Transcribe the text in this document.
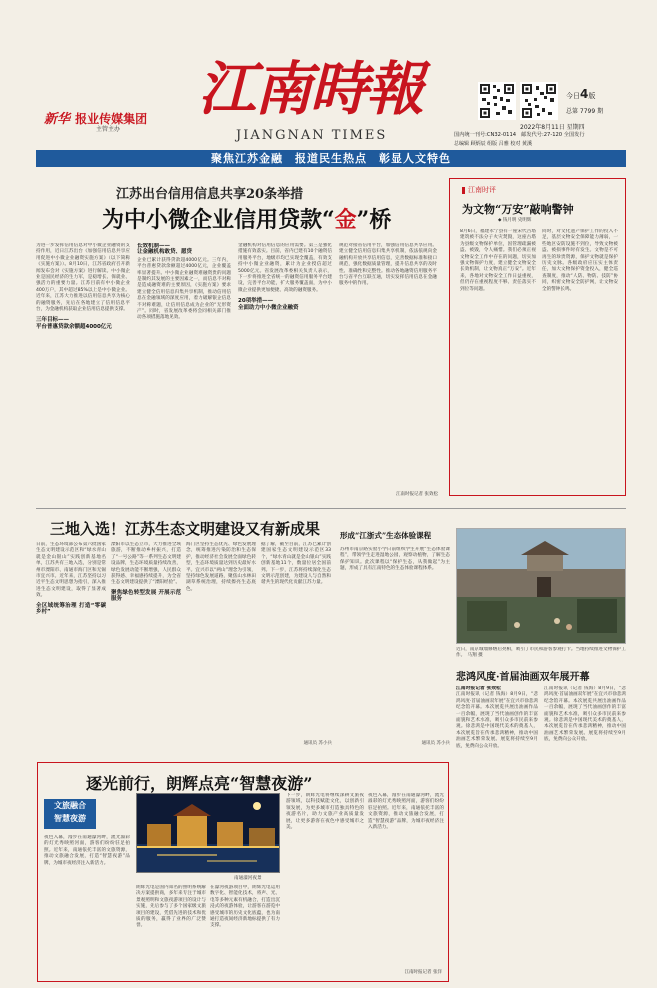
新华 报业传媒集团
主管主办
江南時報
JIANGNAN TIMES
今日4版
总第 7799 期
2022年8月11日 星期四
国内统一刊号:CN32-0114　邮发代号:27-120 全国发行
总编辑 顾炳辰 组版 吕雅 校对 黄溪
聚焦江苏金融　报道民生热点　彰显人文特色
江苏出台信用信息共享20条举措
为中小微企业信用贷款“金”桥

为进一步发挥信用信息对中小微企业融资的支持作用，近日江苏出台《加强信用信息共享应用促进中小微企业融资实施方案》（以下简称《实施方案》）。8月10日，江苏省政府召开新闻发布会对《实施方案》进行解读。中小微企业是国民经济的生力军，是稳增长、保就业、强活力的重要力量。江苏目前有中小微企业400万户，其中超过85%以上是中小微企业。近年来，江苏大力推进以信用信息共享为核心的融资服务，先后在各地建立了信用信息平台，为金融机构获取企业信用信息提供支撑。

三年目标——

平台普惠贷款余额超4000亿元

长效机制——

让金融机构敢贷、愿贷

企业已累计获得贷款超4000亿元。三年内，平台普惠贷款余额超过4000亿元，企业覆盖率显著提升。中小微企业融资难融资贵的问题是制约其发展的主要因素之一，而信息不对称是造成融资难的主要原因，《实施方案》要求建立健全信用信息归集共享机制，推动信用信息在金融领域的深度应用，着力破解银企信息不对称难题，让信用信息成为企业的“无形资产”。同时，省发展改革委将会同相关部门推动各项措施落地见效。

金融机构对信用信息的应用需要。第三是强化措施有效落实。目前，省内已建有10个融资信用服务平台，地级市均已实现全覆盖，有效支持中小微企业融资，累计为企业授信超过5000亿元。省发展改革委相关负责人表示，下一步将推进全省统一的融资信用服务平台建设，完善平台功能，扩大服务覆盖面，为中小微企业提供更加便捷、高效的融资服务。

20项举措——

全面助力中小微企业融资

规范对接省信用平台，加强信用信息共享应用。建立健全信用信息归集共享机制，依法依规向金融机构开放共享信用信息，完善数据标准和接口规范，强化数据质量管理，提升信息共享的及时性、准确性和完整性。推动各地融资信用服务平台与省平台互联互通，切实发挥信用信息在金融服务中的作用。

江南时报记者 张效松
江南时评
为文物“万安”敲响警钟
◆ 钱月明 史明辉

8月6日，福建永宁县有一座宋代古塔建筑被不法分子火灾焚毁，这座古塔为县级文物保护单位，因管理疏漏被盗、被毁，令人痛惜。我们必须正视文物安全工作中存在的问题，切实加强文物保护力度，建立健全文物安全长效机制，让文物真正“万安”。近年来，各地对文物安全工作日益重视，但仍存在重视程度不够、责任落实不到位等问题。

同时，对文化遗产保护工作的投入不足，基层文物安全保障能力薄弱，一些地区安防设施不到位，导致文物被盗、被损事件时有发生。文物是不可再生的珍贵资源，保护文物就是保护历史文脉。各级政府应压实主体责任，加大文物保护资金投入，健全巡查制度，推动“人防、物防、技防”协同，织密文物安全防护网，让文物安全的警钟长鸣。

三地入选！江苏生态文明建设又有新成果

日前，生态环境部公布第六批国家生态文明建设示范区和“绿水青山就是金山银山”实践创新基地名单，江苏共有三地入选，分别是常州市溧阳市、南通市海门区和无锡市宜兴市。近年来，江苏坚持以习近平生态文明思想为指引，深入推进生态文明建设，取得了显著成效。

全区域统筹治理 打造“零碳乡村”

溧阳市以生态立市，大力推进全域旅游，不断推动乡村振兴，打造了“一号公路”等一系列生态文明建设品牌，生态环境质量持续改善，绿色发展动能不断增强，人民群众获得感、幸福感持续提升，为全省生态文明建设提供了“溧阳经验”。

聚焦绿色转型发展 开展示范服务

海门区坚持生态优先、绿色发展理念，统筹推进污染防治和生态保护，推动经济社会发展全面绿色转型，生态环境质量达到历史最好水平。宜兴市以“两山”理念为引领，坚持绿色发展道路，聚焦山水林田湖草系统治理，持续擦亮生态底色。

据了解，截至目前，江苏已累计创建国家生态文明建设示范区33个，“绿水青山就是金山银山”实践创新基地11个，数量位居全国前列。下一步，江苏将持续深化生态文明示范创建，为建设人与自然和谐共生的现代化贡献江苏力量。

通讯员 苏小兵
形成“江浙式”生态体验课程
苏州市南京路实验小学日前组织学生开展“生态体验课程”，带领学生走进湿地公园，观察动植物，了解生态保护知识。此次课程以“保护生态，从我做起”为主题，形成了具有江南特色的生态体验课程体系。
通讯员 苏小兵
近日，南京城墙修缮后亮相，吸引了市民和游客参观打卡。当地持续推进文物保护工作。　马翔 摄
悲鸿风度·首届油画双年展开幕
逐光前行，朗辉点亮“智慧夜游”
文旅融合
智慧夜游

夜色入幕，漫步在南通濠河畔，流光溢彩的灯光秀映照河面，游客们纷纷驻足拍照。近年来，南通依托丰富的文旅资源，推动文旅融合发展，打造“智慧夜游”品牌，为城市夜经济注入新活力。

南通濠河夜景

朗辉光电是国内知名的照明系统解决方案提供商，多年来专注于城市景观照明和文旅夜游项目的设计与实施，先后参与了多个国家级文旅项目的建设，凭借先进的技术和优质的服务，赢得了业界的广泛赞誉。

在濠河夜游项目中，朗辉光电运用数字化、智能化技术，将声、光、电等多种元素有机融合，打造出沉浸式的夜游体验，让游客在游览中感受城市的历史文化底蕴，也为南通打造夜间经济新地标提供了有力支撑。

下一步，朗辉光电将继续深耕文旅夜游领域，以科技赋能文化，以创新引领发展，为更多城市打造独具特色的夜游名片，助力文旅产业高质量发展，让更多游客在夜色中感受城市之美。

夜色入幕，漫步在南通濠河畔，流光溢彩的灯光秀映照河面，游客们纷纷驻足拍照。近年来，南通依托丰富的文旅资源，推动文旅融合发展，打造“智慧夜游”品牌，为城市夜经济注入新活力。

江南时报记者 张洋

江南时报记者 张效松

江南时报讯（记者 钱海）8月9日，“悲鸿风度·首届油画双年展”在宜兴市徐悲鸿纪念馆开幕。本次展览共展出油画作品一百余幅，展现了当代油画创作的丰富面貌和艺术水准，吸引众多市民前来参观。徐悲鸿是中国现代美术的奠基人，本次展览旨在传承悲鸿精神，推动中国油画艺术繁荣发展。展览将持续至9月底，免费向公众开放。

江南时报讯（记者 钱海）8月9日，“悲鸿风度·首届油画双年展”在宜兴市徐悲鸿纪念馆开幕。本次展览共展出油画作品一百余幅，展现了当代油画创作的丰富面貌和艺术水准，吸引众多市民前来参观。徐悲鸿是中国现代美术的奠基人，本次展览旨在传承悲鸿精神，推动中国油画艺术繁荣发展。展览将持续至9月底，免费向公众开放。
